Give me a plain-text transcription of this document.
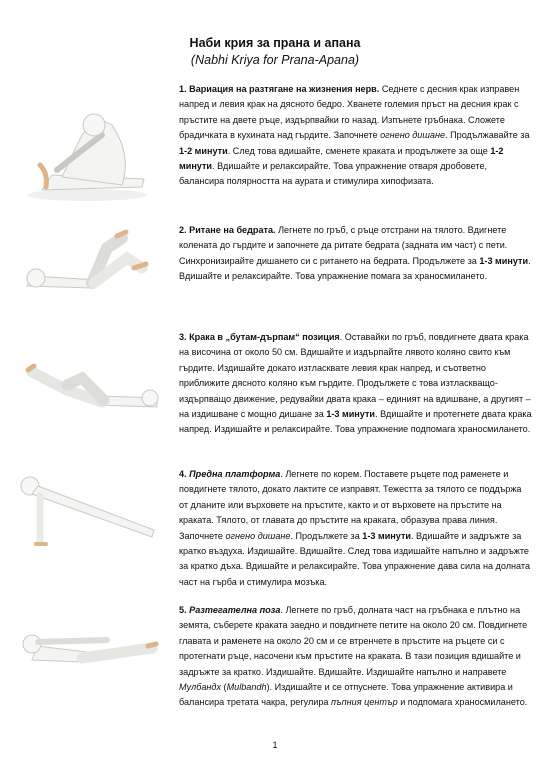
Наби крия за прана и апана
(Nabhi Kriya for Prana-Apana)
1. Вариация на разтягане на жизнения нерв. Седнете с десния крак изправен напред и левия крак на дясното бедро. Хванете големия пръст на десния крак с пръстите на двете ръце, издърпвайки го назад. Изпънете гръбнака. Сложете брадичката в кухината над гърдите. Започнете огнено дишане. Продължавайте за 1-2 минути. След това вдишайте, сменете краката и продължете за още 1-2 минути. Вдишайте и релаксирайте. Това упражнение отваря дробовете, балансира полярността на аурата и стимулира хипофизата.
2. Ритане на бедрата. Легнете по гръб, с ръце отстрани на тялото. Вдигнете колената до гърдите и започнете да ритате бедрата (задната им част) с пети. Синхронизирайте дишането си с ритането на бедрата. Продължете за 1-3 минути. Вдишайте и релаксирайте. Това упражнение помага за храносмилането.
3. Крака в „бутам-дърпам“ позиция. Оставайки по гръб, повдигнете двата крака на височина от около 50 см. Вдишайте и издърпайте лявото коляно свито към гърдите. Издишайте докато изтласквате левия крак напред, и съответно приближите дясното коляно към гърдите. Продължете с това изтласкващо-издърпващо движение, редувайки двата крака – единият на вдишване, а другият – на издишване с мощно дишане за 1-3 минути. Вдишайте и протегнете двата крака напред. Издишайте и релаксирайте. Това упражнение подпомага храносмилането.
4. Предна платформа. Легнете по корем. Поставете ръцете под раменете и повдигнете тялото, докато лактите се изправят. Тежестта за тялото се поддържа от дланите или върховете на пръстите, както и от върховете на пръстите на краката. Тялото, от главата до пръстите на краката, образува права линия. Започнете огнено дишане. Продължете за 1-3 минути. Вдишайте и задръжте за кратко въздуха. Издишайте. Вдишайте. След това издишайте напълно и задръжте за кратко дъха. Вдишайте и релаксирайте. Това упражнение дава сила на долната част на гърба и стимулира мозъка.
5. Разтегателна поза. Легнете по гръб, долната част на гръбнака е плътно на земята, съберете краката заедно и повдигнете петите на около 20 см. Повдигнете главата и раменете на около 20 см и се втренчете в пръстите на ръцете си с протегнати ръце, насочени към пръстите на краката. В тази позиция вдишайте и задръжте за кратко. Издишайте. Вдишайте. Издишайте напълно и направете Мулбандх (Mulbandh). Издишайте и се отпуснете. Това упражнение активира и балансира третата чакра, регулира пъпния център и подпомага храносмилането.
1
